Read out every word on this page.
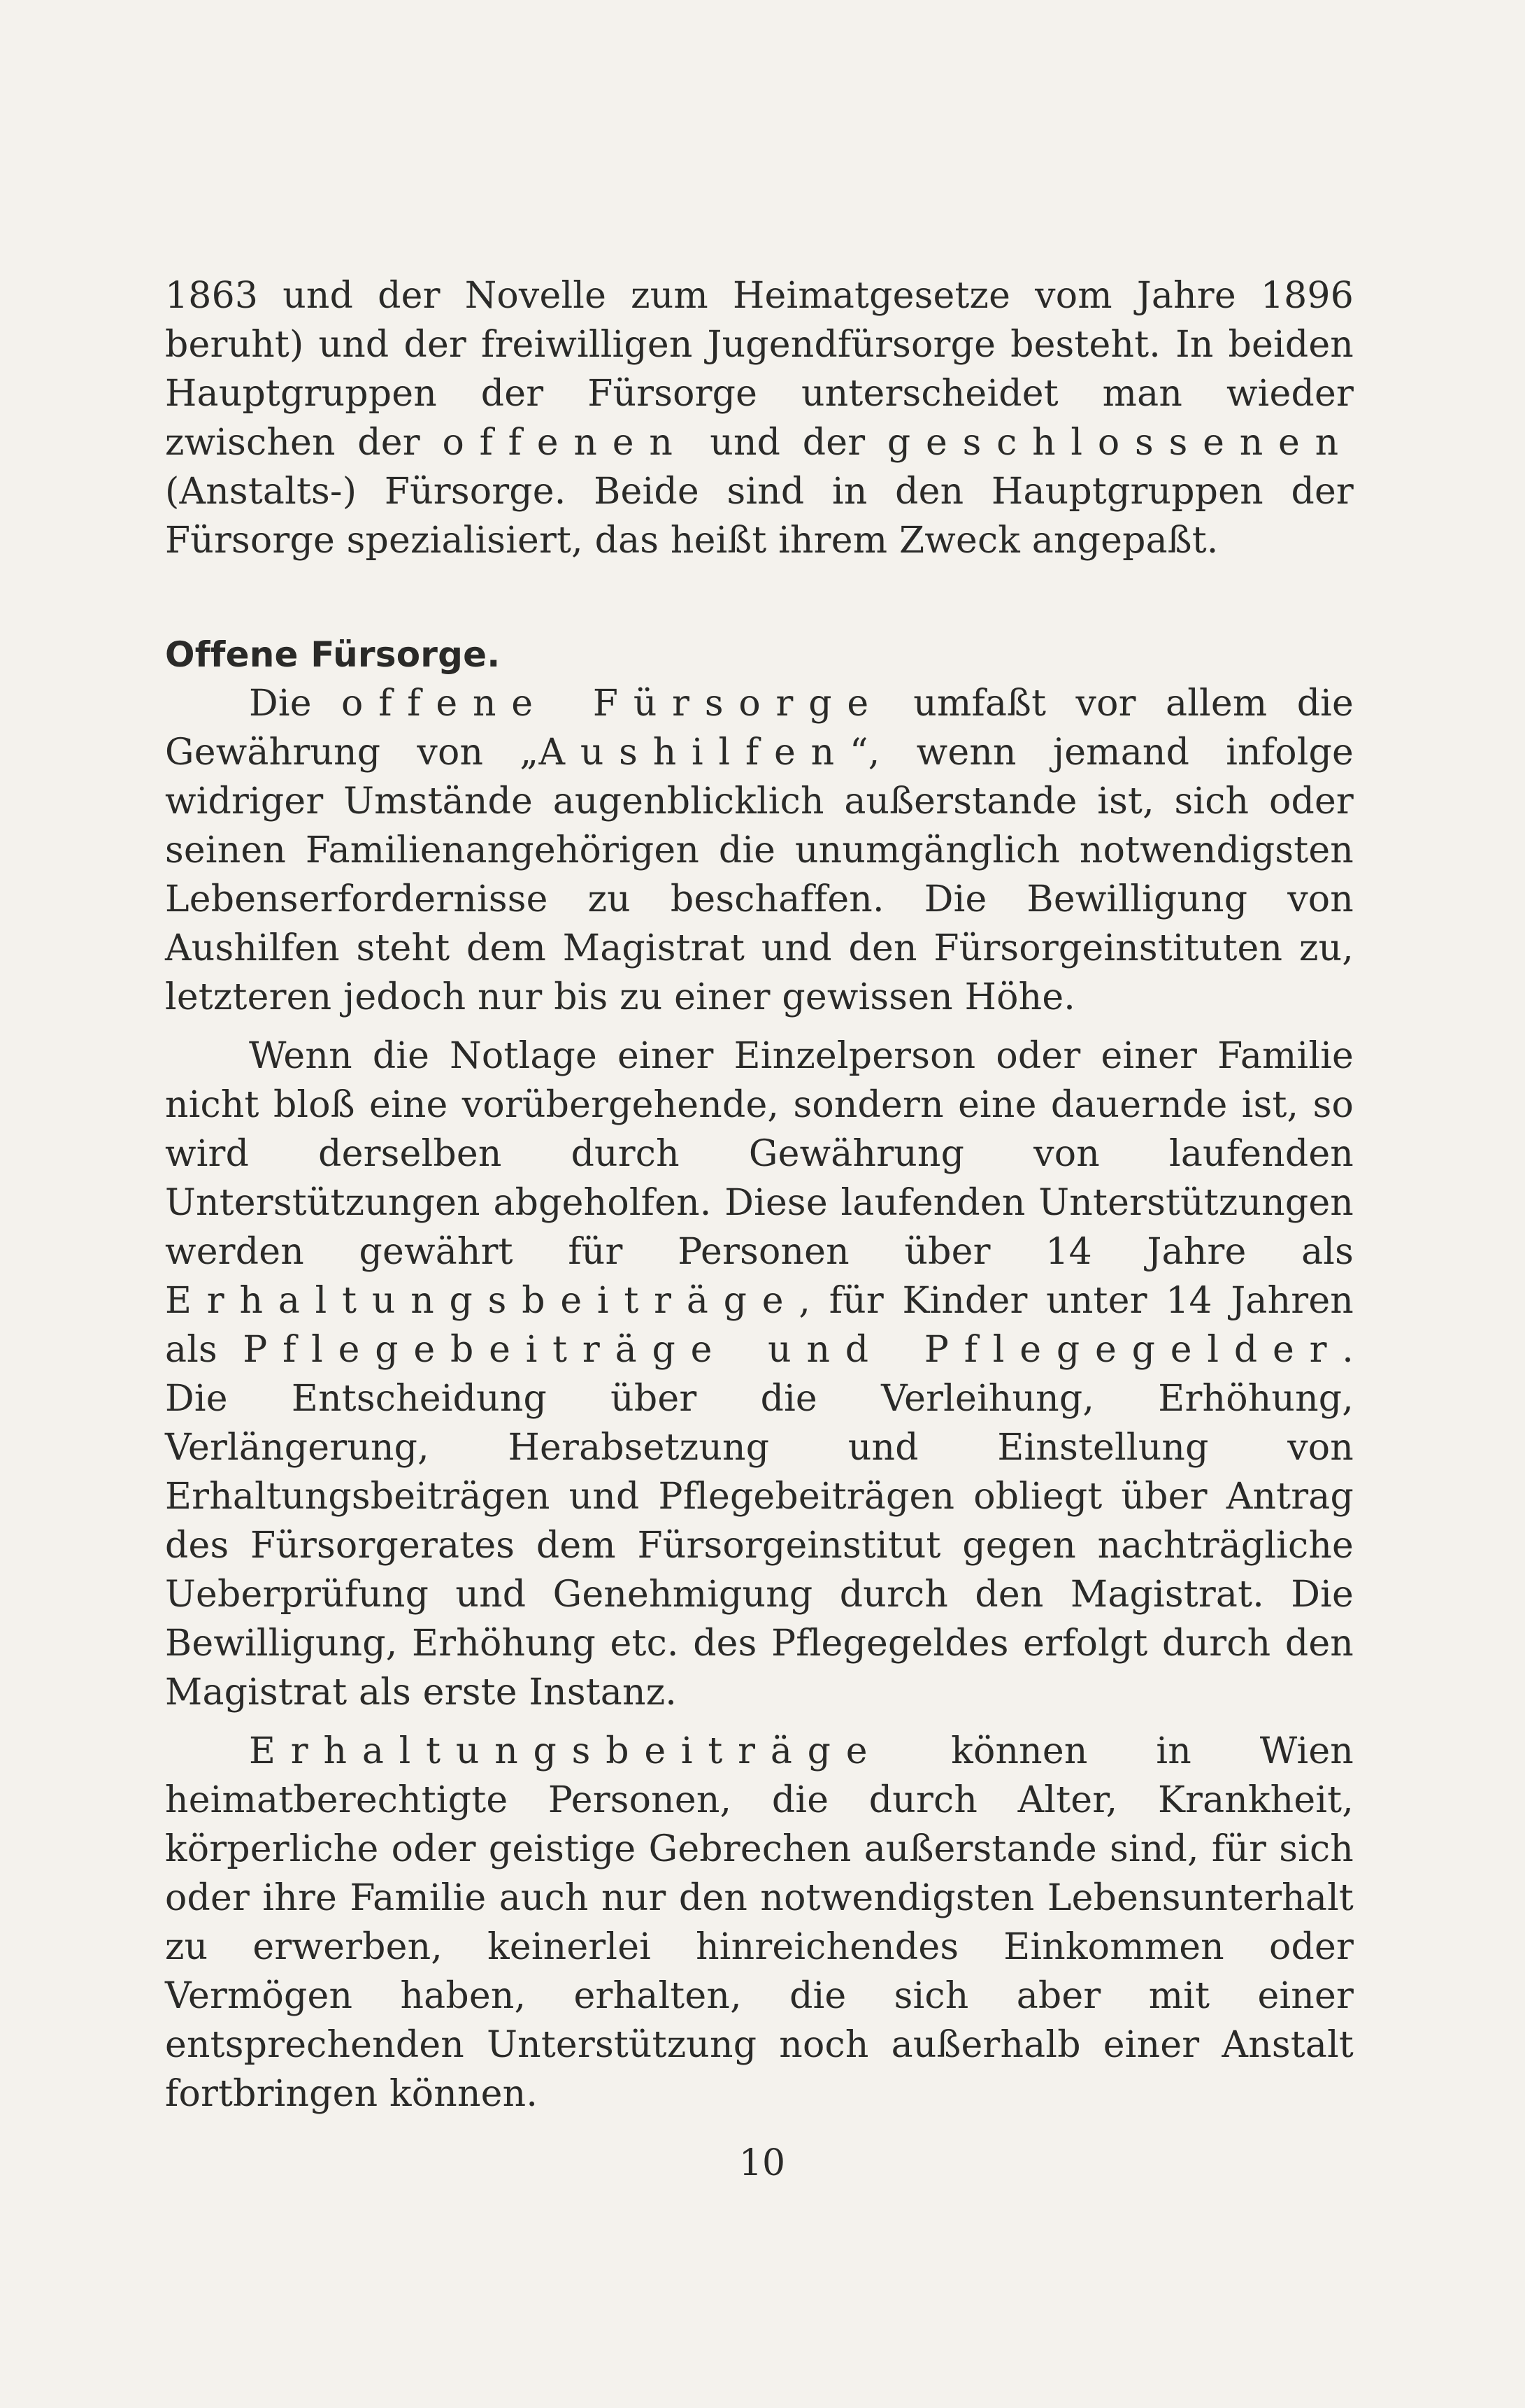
1863 und der Novelle zum Heimatgesetze vom Jahre 1896 beruht) und der freiwilligen Jugendfürsorge besteht. In beiden Hauptgruppen der Fürsorge unterscheidet man wieder zwischen der offenen und der geschlossenen (Anstalts-) Fürsorge. Beide sind in den Hauptgruppen der Fürsorge spezialisiert, das heißt ihrem Zweck angepaßt.

Offene Fürsorge.

Die offene Fürsorge umfaßt vor allem die Gewährung von „Aushilfen“, wenn jemand infolge widriger Umstände augenblicklich außerstande ist, sich oder seinen Familienangehörigen die unumgänglich notwendigsten Lebenserfordernisse zu beschaffen. Die Bewilligung von Aushilfen steht dem Magistrat und den Fürsorgeinstituten zu, letzteren jedoch nur bis zu einer gewissen Höhe.

Wenn die Notlage einer Einzelperson oder einer Familie nicht bloß eine vorübergehende, sondern eine dauernde ist, so wird derselben durch Gewährung von laufenden Unterstützungen abgeholfen. Diese laufenden Unterstützungen werden gewährt für Personen über 14 Jahre als Erhaltungsbeiträge, für Kinder unter 14 Jahren als Pflegebeiträge und Pflegegelder. Die Entscheidung über die Verleihung, Erhöhung, Verlängerung, Herabsetzung und Einstellung von Erhaltungsbeiträgen und Pflegebeiträgen obliegt über Antrag des Fürsorgerates dem Fürsorgeinstitut gegen nachträgliche Ueberprüfung und Genehmigung durch den Magistrat. Die Bewilligung, Erhöhung etc. des Pflegegeldes erfolgt durch den Magistrat als erste Instanz.

Erhaltungsbeiträge können in Wien heimatberechtigte Personen, die durch Alter, Krankheit, körperliche oder geistige Gebrechen außerstande sind, für sich oder ihre Familie auch nur den notwendigsten Lebensunterhalt zu erwerben, keinerlei hinreichendes Einkommen oder Vermögen haben, erhalten, die sich aber mit einer entsprechenden Unterstützung noch außerhalb einer Anstalt fortbringen können.

10
